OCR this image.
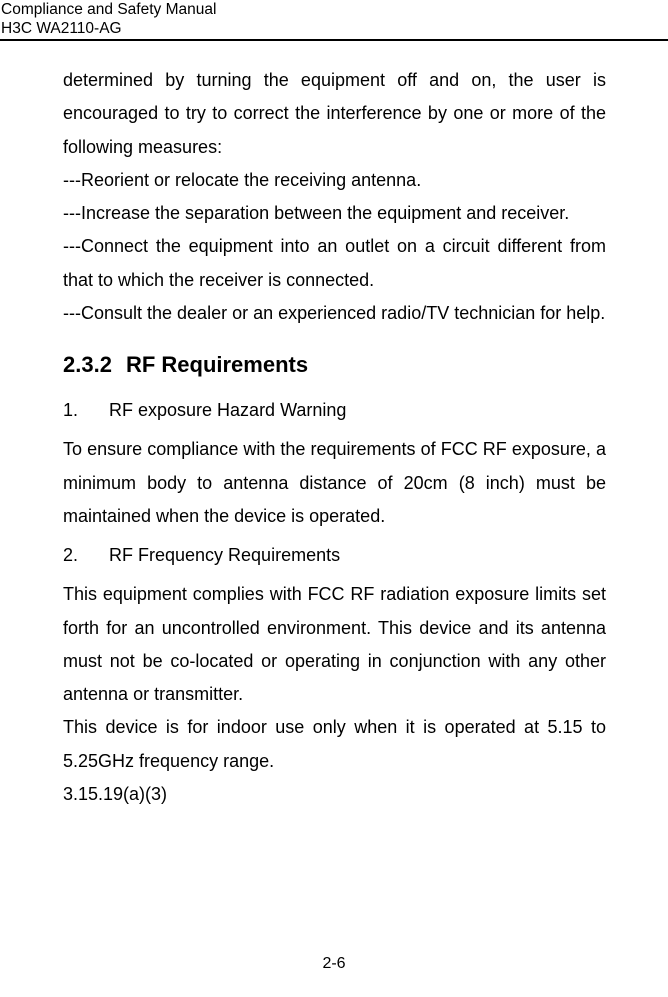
Compliance and Safety Manual
H3C WA2110-AG
determined by turning the equipment off and on, the user is encouraged to try to correct the interference by one or more of the following measures:
---Reorient or relocate the receiving antenna.
---Increase the separation between the equipment and receiver.
---Connect the equipment into an outlet on a circuit different from that to which the receiver is connected.
---Consult the dealer or an experienced radio/TV technician for help.
2.3.2 RF Requirements
1. RF exposure Hazard Warning
To ensure compliance with the requirements of FCC RF exposure, a minimum body to antenna distance of 20cm (8 inch) must be maintained when the device is operated.
2. RF Frequency Requirements
This equipment complies with FCC RF radiation exposure limits set forth for an uncontrolled environment. This device and its antenna must not be co-located or operating in conjunction with any other antenna or transmitter.
This device is for indoor use only when it is operated at 5.15 to 5.25GHz frequency range.
3.15.19(a)(3)
2-6
